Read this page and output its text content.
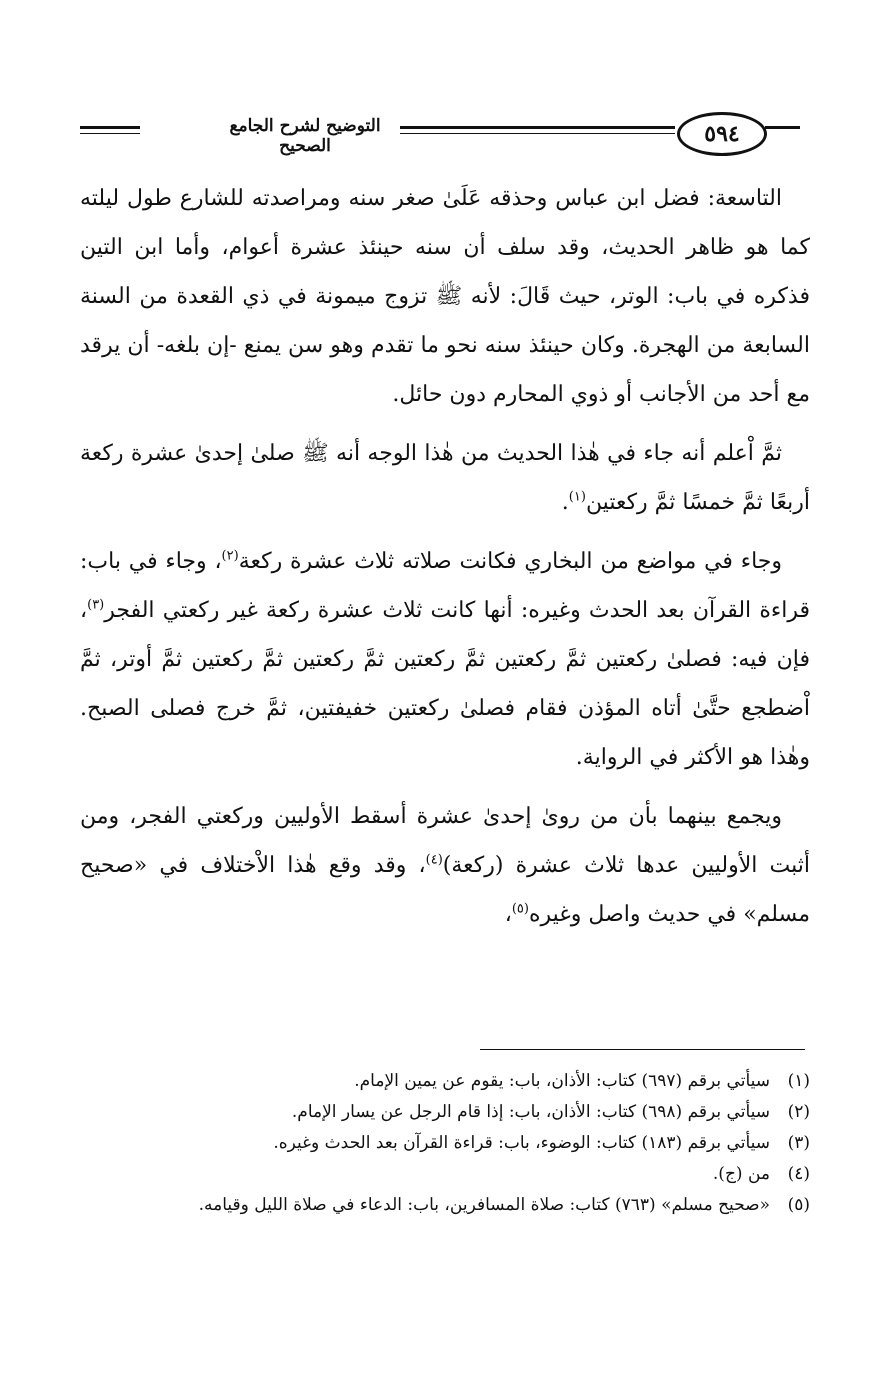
التوضيح لشرح الجامع الصحيح	٥٩٤

التاسعة: فضل ابن عباس وحذقه عَلَىٰ صغر سنه ومراصدته للشارع طول ليلته كما هو ظاهر الحديث، وقد سلف أن سنه حينئذ عشرة أعوام، وأما ابن التين فذكره في باب: الوتر، حيث قَالَ: لأنه ﷺ تزوج ميمونة في ذي القعدة من السنة السابعة من الهجرة. وكان حينئذ سنه نحو ما تقدم وهو سن يمنع -إن بلغه- أن يرقد مع أحد من الأجانب أو ذوي المحارم دون حائل.

ثمَّ اْعلم أنه جاء في هٰذا الحديث من هٰذا الوجه أنه ﷺ صلىٰ إحدىٰ عشرة ركعة أربعًا ثمَّ خمسًا ثمَّ ركعتين$^{(١)}$.

وجاء في مواضع من البخاري فكانت صلاته ثلاث عشرة ركعة$^{(٢)}$، وجاء في باب: قراءة القرآن بعد الحدث وغيره: أنها كانت ثلاث عشرة ركعة غير ركعتي الفجر$^{(٣)}$، فإن فيه: فصلىٰ ركعتين ثمَّ ركعتين ثمَّ ركعتين ثمَّ ركعتين ثمَّ ركعتين ثمَّ أوتر، ثمَّ اْضطجع حتَّىٰ أتاه المؤذن فقام فصلىٰ ركعتين خفيفتين، ثمَّ خرج فصلى الصبح. وهٰذا هو الأكثر في الرواية.

ويجمع بينهما بأن من روىٰ إحدىٰ عشرة أسقط الأوليين وركعتي الفجر، ومن أثبت الأوليين عدها ثلاث عشرة (ركعة)$^{(٤)}$، وقد وقع هٰذا الاْختلاف في «صحيح مسلم» في حديث واصل وغيره$^{(٥)}$،

(١)
سيأتي برقم (٦٩٧) كتاب: الأذان، باب: يقوم عن يمين الإمام.

(٢)
سيأتي برقم (٦٩٨) كتاب: الأذان، باب: إذا قام الرجل عن يسار الإمام.

(٣)
سيأتي برقم (١٨٣) كتاب: الوضوء، باب: قراءة القرآن بعد الحدث وغيره.

(٤)
من (ج).

(٥)
«صحيح مسلم» (٧٦٣) كتاب: صلاة المسافرين، باب: الدعاء في صلاة الليل وقيامه.
